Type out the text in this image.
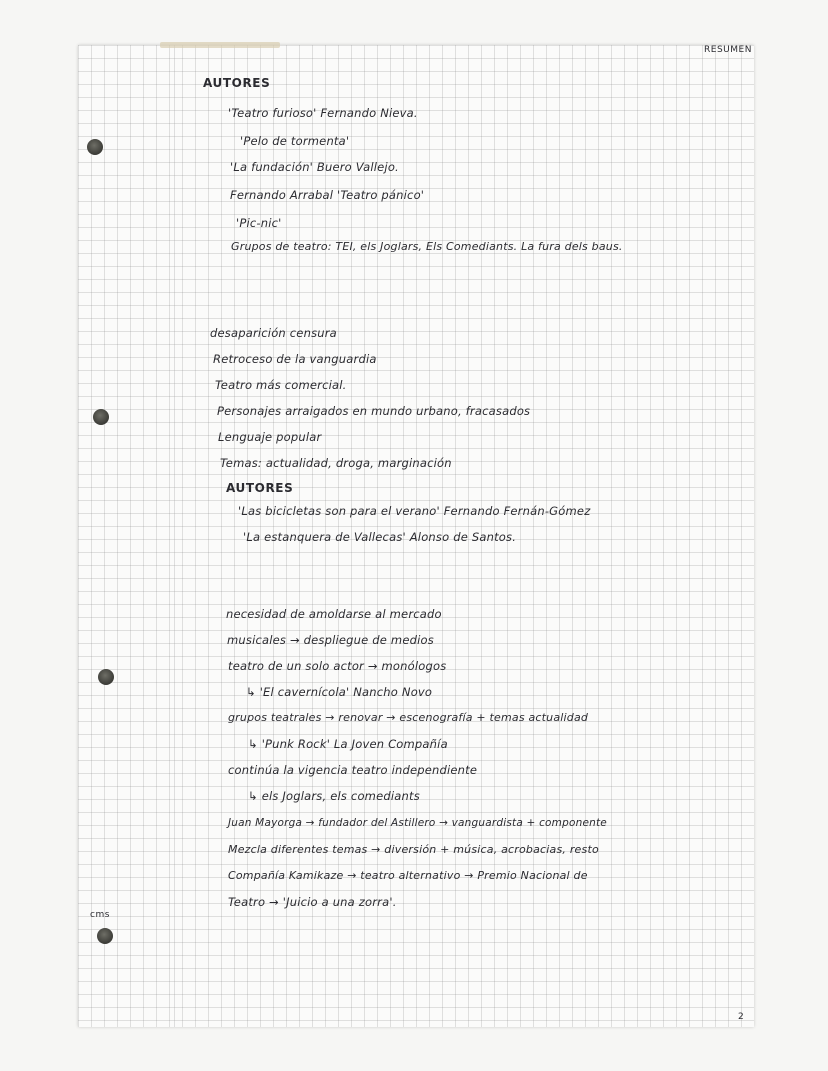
RESUMEN
cms
2
AUTORES
'Teatro furioso' Fernando Nieva.
'Pelo de tormenta'
'La fundación' Buero Vallejo.
Fernando Arrabal 'Teatro pánico'
'Pic-nic'
Grupos de teatro: TEI, els Joglars, Els Comediants. La fura dels baus.
desaparición censura
Retroceso de la vanguardia
Teatro más comercial.
Personajes arraigados en mundo urbano, fracasados
Lenguaje popular
Temas: actualidad, droga, marginación
AUTORES
'Las bicicletas son para el verano' Fernando Fernán-Gómez
'La estanquera de Vallecas' Alonso de Santos.
necesidad de amoldarse al mercado
musicales → despliegue de medios
teatro de un solo actor → monólogos
↳ 'El cavernícola' Nancho Novo
grupos teatrales → renovar → escenografía + temas actualidad
↳ 'Punk Rock' La Joven Compañía
continúa la vigencia teatro independiente
↳ els Joglars, els comediants
Juan Mayorga → fundador del Astillero → vanguardista + componente
Mezcla diferentes temas → diversión + música, acrobacias, resto
Compañía Kamikaze → teatro alternativo → Premio Nacional de
Teatro → 'Juicio a una zorra'.
